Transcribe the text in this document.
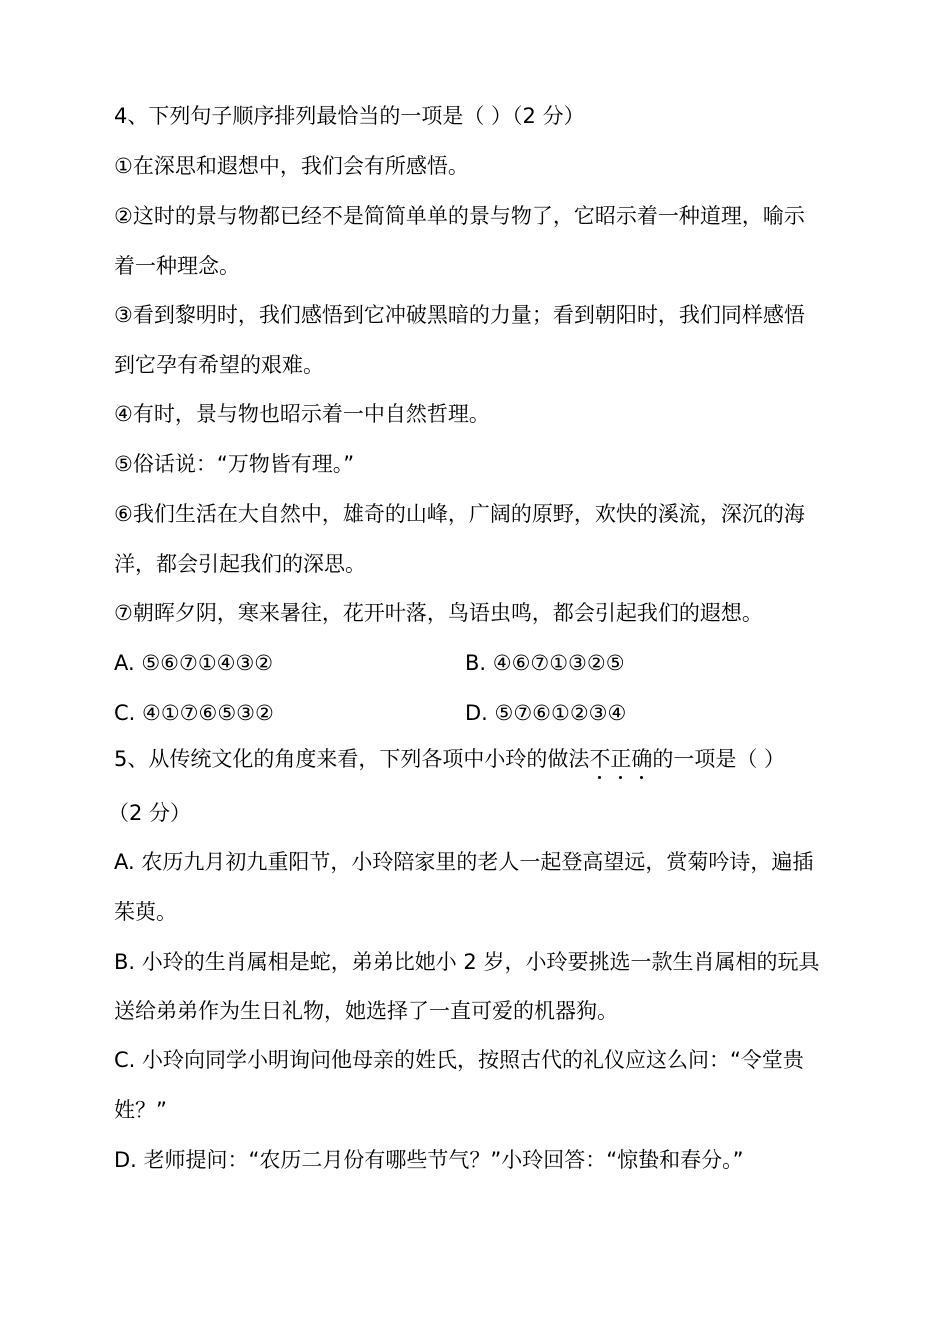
4、下列句子顺序排列最恰当的一项是（ ）（2 分）
①在深思和遐想中，我们会有所感悟。
②这时的景与物都已经不是简简单单的景与物了，它昭示着一种道理，喻示
着一种理念。
③看到黎明时，我们感悟到它冲破黑暗的力量；看到朝阳时，我们同样感悟
到它孕有希望的艰难。
④有时，景与物也昭示着一中自然哲理。
⑤俗话说：“万物皆有理。”
⑥我们生活在大自然中，雄奇的山峰，广阔的原野，欢快的溪流，深沉的海
洋，都会引起我们的深思。
⑦朝晖夕阴，寒来暑往，花开叶落，鸟语虫鸣，都会引起我们的遐想。
A. ⑤⑥⑦①④③②	B. ④⑥⑦①③②⑤
C. ④①⑦⑥⑤③②	D. ⑤⑦⑥①②③④
5、从传统文化的角度来看，下列各项中小玲的做法不正确的一项是（ ）
（2 分）
A. 农历九月初九重阳节，小玲陪家里的老人一起登高望远，赏菊吟诗，遍插
茱萸。
B. 小玲的生肖属相是蛇，弟弟比她小 2 岁，小玲要挑选一款生肖属相的玩具
送给弟弟作为生日礼物，她选择了一直可爱的机器狗。
C. 小玲向同学小明询问他母亲的姓氏，按照古代的礼仪应这么问：“令堂贵
姓？”
D. 老师提问：“农历二月份有哪些节气？”小玲回答：“惊蛰和春分。”
